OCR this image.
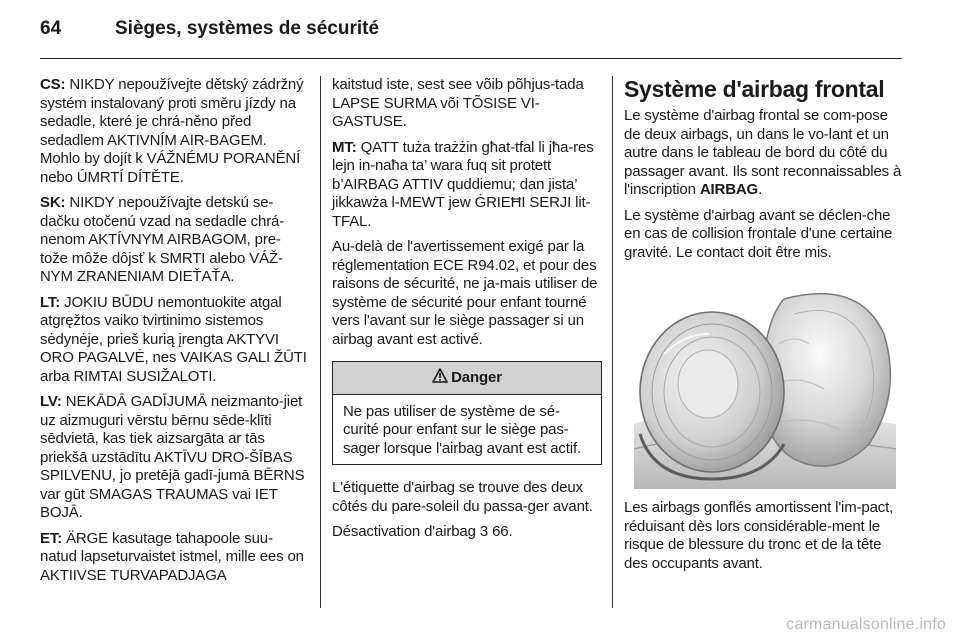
64	Sièges, systèmes de sécurité

CS: NIKDY nepoužívejte dětský zádržný systém instalovaný proti směru jízdy na sedadle, které je chrá-něno před sedadlem AKTIVNÍM AIR-BAGEM. Mohlo by dojít k VÁŽNÉMU PORANĚNÍ nebo ÚMRTÍ DÍTĚTE.

SK: NIKDY nepoužívajte detskú se-dačku otočenú vzad na sedadle chrá-nenom AKTÍVNYM AIRBAGOM, pre-tože môže dôjsť k SMRTI alebo VÁŽ-NYM ZRANENIAM DIEŤAŤA.

LT: JOKIU BŪDU nemontuokite atgal atgręžtos vaiko tvirtinimo sistemos sėdynėje, prieš kurią įrengta AKTYVI ORO PAGALVĖ, nes VAIKAS GALI ŽŪTI arba RIMTAI SUSIŽALOTI.

LV: NEKĀDĀ GADĪJUMĀ neizmanto-jiet uz aizmuguri vērstu bērnu sēde-klīti sēdvietā, kas tiek aizsargāta ar tās priekšā uzstādītu AKTĪVU DRO-ŠĪBAS SPILVENU, jo pretējā gadī-jumā BĒRNS var gūt SMAGAS TRAUMAS vai IET BOJĀ.

ET: ÄRGE kasutage tahapoole suu-natud lapseturvaistet istmel, mille ees on AKTIIVSE TURVAPADJAGA

kaitstud iste, sest see võib põhjus-tada LAPSE SURMA või TÕSISE VI-GASTUSE.

MT: QATT tużа trażżin għat-tfal li jħa-res lejn in-naħa ta’ wara fuq sit protett b’AIRBAG ATTIV quddiemu; dan jista’ jikkawża l-MEWT jew ĠRIEĦI SERJI lit-TFAL.

Au-delà de l'avertissement exigé par la réglementation ECE R94.02, et pour des raisons de sécurité, ne ja-mais utiliser de système de sécurité pour enfant tourné vers l'avant sur le siège passager si un airbag avant est activé.

Danger
Ne pas utiliser de système de sé-curité pour enfant sur le siège pas-sager lorsque l'airbag avant est actif.

L'étiquette d'airbag se trouve des deux côtés du pare-soleil du passa-ger avant.

Désactivation d'airbag 3 66.

Système d'airbag frontal

Le système d'airbag frontal se com-pose de deux airbags, un dans le vo-lant et un autre dans le tableau de bord du côté du passager avant. Ils sont reconnaissables à l'inscription AIRBAG.

Le système d'airbag avant se déclen-che en cas de collision frontale d'une certaine gravité. Le contact doit être mis.

Les airbags gonflés amortissent l'im-pact, réduisant dès lors considérable-ment le risque de blessure du tronc et de la tête des occupants avant.

carmanualsonline.info
